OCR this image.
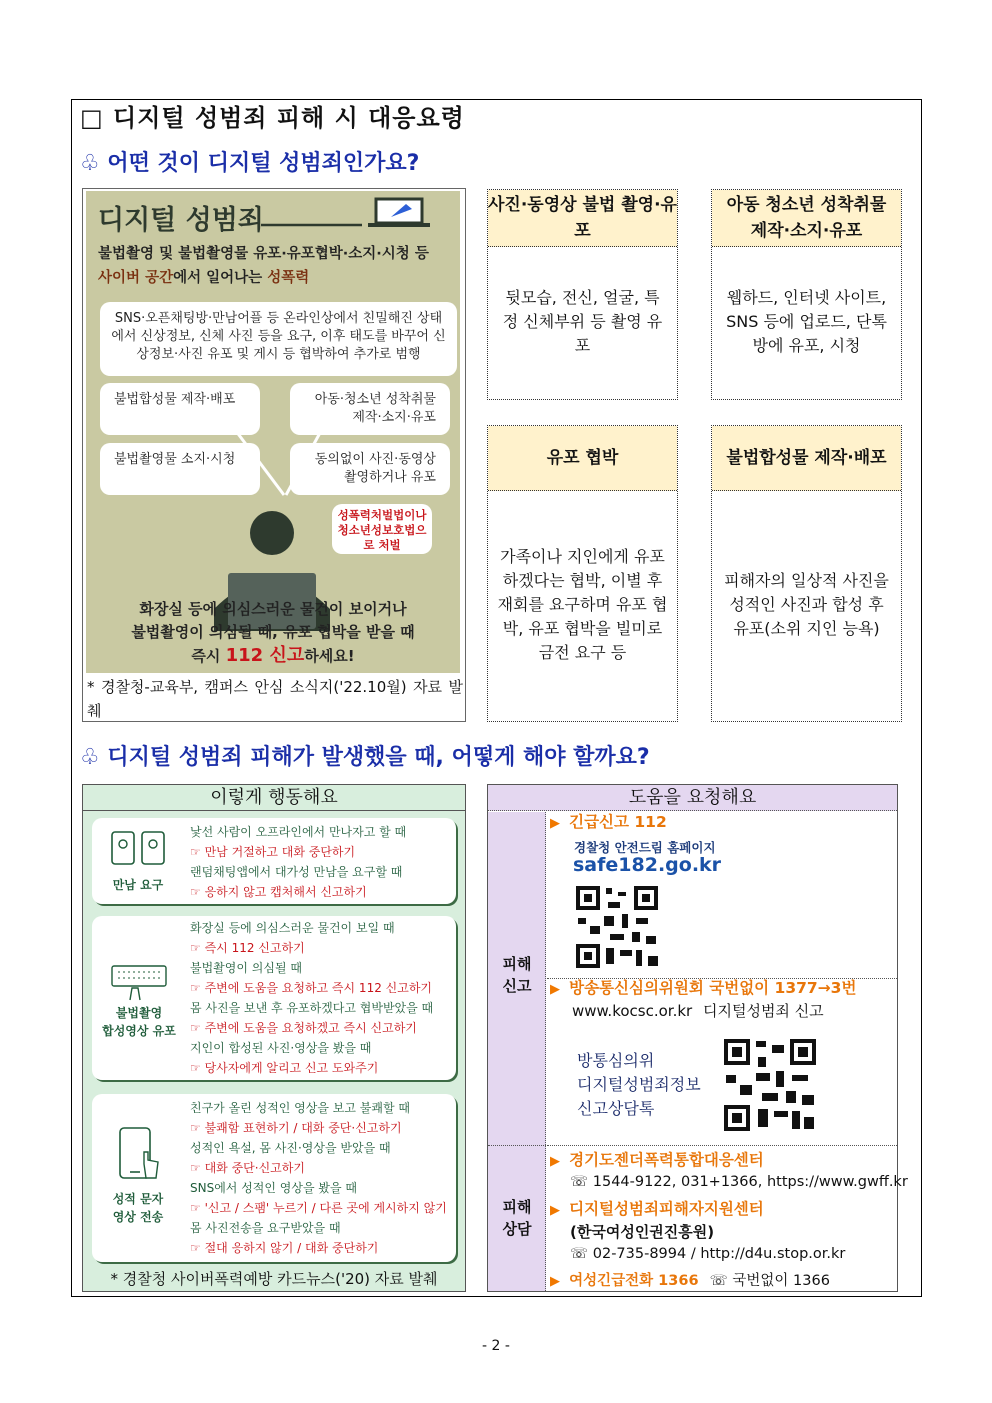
□ 디지털 성범죄 피해 시 대응요령
♧ 어떤 것이 디지털 성범죄인가요?
디지털 성범죄
불법촬영 및 불법촬영물 유포·유포협박·소지·시청 등
사이버 공간에서 일어나는 성폭력
SNS·오픈채팅방·만남어플 등 온라인상에서 친밀해진 상태에서 신상정보, 신체 사진 등을 요구, 이후 태도를 바꾸어 신상정보·사진 유포 및 게시 등 협박하여 추가로 범행
불법합성물 제작·배포	아동·청소년 성착취물 제작·소지·유포
불법촬영물 소지·시청	동의없이 사진·동영상 촬영하거나 유포
성폭력처벌법이나 청소년성보호법으로 처벌
화장실 등에 의심스러운 물건이 보이거나
불법촬영이 의심될 때, 유포 협박을 받을 때
즉시 112 신고하세요!
* 경찰청-교육부, 캠퍼스 안심 소식지('22.10월) 자료 발췌
사진·동영상 불법 촬영·유포
뒷모습, 전신, 얼굴, 특정 신체부위 등 촬영 유포
아동 청소년 성착취물 제작·소지·유포
웹하드, 인터넷 사이트, SNS 등에 업로드, 단톡방에 유포, 시청
유포 협박
가족이나 지인에게 유포하겠다는 협박, 이별 후 재회를 요구하며 유포 협박, 유포 협박을 빌미로 금전 요구 등
불법합성물 제작·배포
피해자의 일상적 사진을 성적인 사진과 합성 후 유포(소위 지인 능욕)
♧ 디지털 성범죄 피해가 발생했을 때, 어떻게 해야 할까요?
이렇게 행동해요
만남 요구
낯선 사람이 오프라인에서 만나자고 할 때
☞ 만남 거절하고 대화 중단하기
랜덤채팅앱에서 대가성 만남을 요구할 때
☞ 응하지 않고 캡처해서 신고하기
불법촬영
합성영상 유포
화장실 등에 의심스러운 물건이 보일 때
☞ 즉시 112 신고하기
불법촬영이 의심될 때
☞ 주변에 도움을 요청하고 즉시 112 신고하기
몸 사진을 보낸 후 유포하겠다고 협박받았을 때
☞ 주변에 도움을 요청하겠고 즉시 신고하기
지인이 합성된 사진·영상을 봤을 때
☞ 당사자에게 알리고 신고 도와주기
성적 문자
영상 전송
친구가 올린 성적인 영상을 보고 불쾌할 때
☞ 불쾌함 표현하기 / 대화 중단·신고하기
성적인 욕설, 몸 사진·영상을 받았을 때
☞ 대화 중단·신고하기
SNS에서 성적인 영상을 봤을 때
☞ '신고 / 스팸' 누르기 / 다른 곳에 게시하지 않기
몸 사진전송을 요구받았을 때
☞ 절대 응하지 않기 / 대화 중단하기
* 경찰청 사이버폭력예방 카드뉴스('20) 자료 발췌
도움을 요청해요
피해
신고
피해
상담
▶ 긴급신고 112
경찰청 안전드림 홈페이지
safe182.go.kr
▶ 방송통신심의위원회 국번없이 1377→3번
www.kocsc.or.kr 디지털성범죄 신고
방통심의위
디지털성범죄정보
신고상담톡
▶ 경기도젠더폭력통합대응센터
☏ 1544-9122, 031+1366, https://www.gwff.kr
▶ 디지털성범죄피해자지원센터
(한국여성인권진흥원)
☏ 02-735-8994 / http://d4u.stop.or.kr
▶ 여성긴급전화 1366 ☏ 국번없이 1366
- 2 -
